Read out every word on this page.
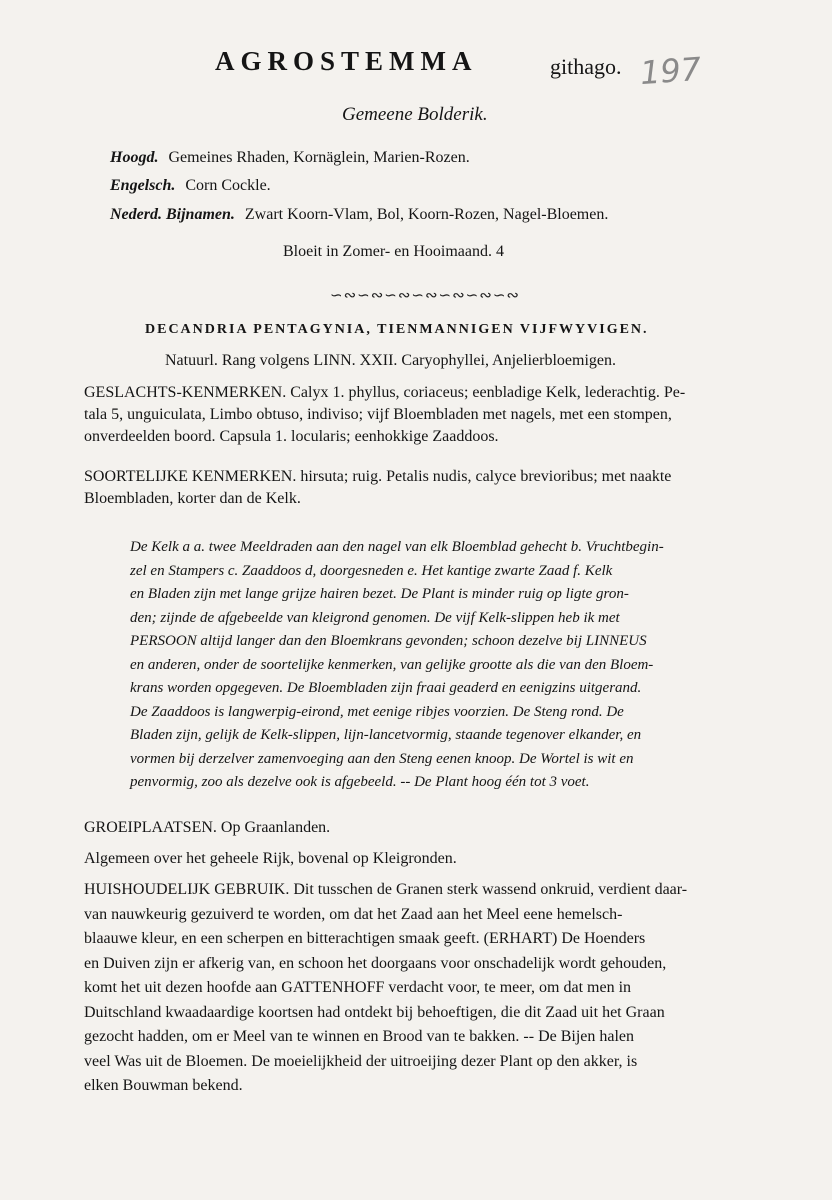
AGROSTEMMA	githago. 197
Gemeene Bolderik.
Hoogd. Gemeines Rhaden, Kornäglein, Marien-Rozen.
Engelsch. Corn Cockle.
Nederd. Bijnamen. Zwart Koorn-Vlam, Bol, Koorn-Rozen, Nagel-Bloemen.
Bloeit in Zomer- en Hooimaand. 4
∽∾∽∾∽∾∽∾∽∾∽∾∽∾
DECANDRIA PENTAGYNIA, TIENMANNIGEN VIJFWYVIGEN.
Natuurl. Rang volgens LINN. XXII. Caryophyllei, Anjelierbloemigen.
GESLACHTS-KENMERKEN. Calyx 1. phyllus, coriaceus; eenbladige Kelk, lederachtig. Pe-
tala 5, unguiculata, Limbo obtuso, indiviso; vijf Bloembladen met nagels, met een stompen,
onverdeelden boord. Capsula 1. locularis; eenhokkige Zaaddoos.
SOORTELIJKE KENMERKEN. hirsuta; ruig. Petalis nudis, calyce brevioribus; met naakte
Bloembladen, korter dan de Kelk.
De Kelk a a. twee Meeldraden aan den nagel van elk Bloemblad gehecht b. Vruchtbegin-
zel en Stampers c. Zaaddoos d, doorgesneden e. Het kantige zwarte Zaad f. Kelk
en Bladen zijn met lange grijze hairen bezet. De Plant is minder ruig op ligte gron-
den; zijnde de afgebeelde van kleigrond genomen. De vijf Kelk-slippen heb ik met
PERSOON altijd langer dan den Bloemkrans gevonden; schoon dezelve bij LINNEUS
en anderen, onder de soortelijke kenmerken, van gelijke grootte als die van den Bloem-
krans worden opgegeven. De Bloembladen zijn fraai geaderd en eenigzins uitgerand.
De Zaaddoos is langwerpig-eirond, met eenige ribjes voorzien. De Steng rond. De
Bladen zijn, gelijk de Kelk-slippen, lijn-lancetvormig, staande tegenover elkander, en
vormen bij derzelver zamenvoeging aan den Steng eenen knoop. De Wortel is wit en
penvormig, zoo als dezelve ook is afgebeeld. -- De Plant hoog één tot 3 voet.
GROEIPLAATSEN. Op Graanlanden.
Algemeen over het geheele Rijk, bovenal op Kleigronden.
HUISHOUDELIJK GEBRUIK. Dit tusschen de Granen sterk wassend onkruid, verdient daar-
van nauwkeurig gezuiverd te worden, om dat het Zaad aan het Meel eene hemelsch-
blaauwe kleur, en een scherpen en bitterachtigen smaak geeft. (ERHART) De Hoenders
en Duiven zijn er afkerig van, en schoon het doorgaans voor onschadelijk wordt gehouden,
komt het uit dezen hoofde aan GATTENHOFF verdacht voor, te meer, om dat men in
Duitschland kwaadaardige koortsen had ontdekt bij behoeftigen, die dit Zaad uit het Graan
gezocht hadden, om er Meel van te winnen en Brood van te bakken. -- De Bijen halen
veel Was uit de Bloemen. De moeielijkheid der uitroeijing dezer Plant op den akker, is
elken Bouwman bekend.
